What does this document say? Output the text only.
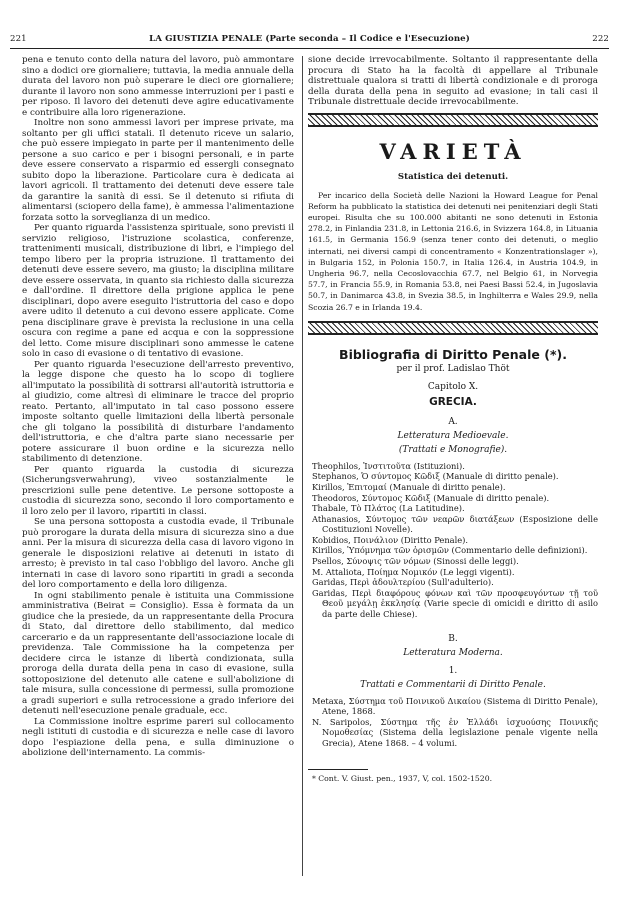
221	LA GIUSTIZIA PENALE (Parte seconda – Il Codice e l'Esecuzione)	222

pena e tenuto conto della natura del lavoro, può ammontare sino a dodici ore giornaliere; tuttavia, la media annuale della durata del lavoro non può superare le dieci ore giornaliere; durante il lavoro non sono ammesse interruzioni per i pasti e per riposo. Il lavoro dei detenuti deve agire educativamente e contribuire alla loro rigenerazione.

Inoltre non sono ammessi lavori per imprese private, ma soltanto per gli uffici statali. Il detenuto riceve un salario, che può essere impiegato in parte per il mantenimento delle persone a suo carico e per i bisogni personali, e in parte deve essere conservato a risparmio ed essergli consegnato subito dopo la liberazione. Particolare cura è dedicata ai lavori agricoli. Il trattamento dei detenuti deve essere tale da garantire la sanità di essi. Se il detenuto si rifiuta di alimentarsi (sciopero della fame), è ammessa l'alimentazione forzata sotto la sorveglianza di un medico.

Per quanto riguarda l'assistenza spirituale, sono previsti il servizio religioso, l'istruzione scolastica, conferenze, trattenimenti musicali, distribuzione di libri, e l'impiego del tempo libero per la propria istruzione. Il trattamento dei detenuti deve essere severo, ma giusto; la disciplina militare deve essere osservata, in quanto sia richiesto dalla sicurezza e dall'ordine. Il direttore della prigione applica le pene disciplinari, dopo avere eseguito l'istruttoria del caso e dopo avere udito il detenuto a cui devono essere applicate. Come pena disciplinare grave è prevista la reclusione in una cella oscura con regime a pane ed acqua e con la soppressione del letto. Come misure disciplinari sono ammesse le catene solo in caso di evasione o di tentativo di evasione.

Per quanto riguarda l'esecuzione dell'arresto preventivo, la legge dispone che questo ha lo scopo di togliere all'imputato la possibilità di sottrarsi all'autorità istruttoria e al giudizio, come altresì di eliminare le tracce del proprio reato. Pertanto, all'imputato in tal caso possono essere imposte soltanto quelle limitazioni della libertà personale che gli tolgano la possibilità di disturbare l'andamento dell'istruttoria, e che d'altra parte siano necessarie per potere assicurare il buon ordine e la sicurezza nello stabilimento di detenzione.

Per quanto riguarda la custodia di sicurezza (Sicherungsverwahrung), viveo sostanzialmente le prescrizioni sulle pene detentive. Le persone sottoposte a custodia di sicurezza sono, secondo il loro comportamento e il loro zelo per il lavoro, ripartiti in classi.

Se una persona sottoposta a custodia evade, il Tribunale può prorogare la durata della misura di sicurezza sino a due anni. Per la misura di sicurezza della casa di lavoro vigono in generale le disposizioni relative ai detenuti in istato di arresto; è previsto in tal caso l'obbligo del lavoro. Anche gli internati in case di lavoro sono ripartiti in gradi a seconda del loro comportamento e della loro diligenza.

In ogni stabilimento penale è istituita una Commissione amministrativa (Beirat = Consiglio). Essa è formata da un giudice che la presiede, da un rappresentante della Procura di Stato, dal direttore dello stabilimento, dal medico carcerario e da un rappresentante dell'associazione locale di previdenza. Tale Commissione ha la competenza per decidere circa le istanze di libertà condizionata, sulla proroga della durata della pena in caso di evasione, sulla sottoposizione del detenuto alle catene e sull'abolizione di tale misura, sulla concessione di permessi, sulla promozione a gradi superiori e sulla retrocessione a grado inferiore dei detenuti nell'esecuzione penale graduale, ecc.

La Commissione inoltre esprime pareri sul collocamento negli istituti di custodia e di sicurezza e nelle case di lavoro dopo l'espiazione della pena, e sulla diminuzione o abolizione dell'internamento. La commis-

sione decide irrevocabilmente. Soltanto il rappresentante della procura di Stato ha la facoltà di appellare al Tribunale distrettuale qualora si tratti di libertà condizionale e di proroga della durata della pena in seguito ad evasione; in tali casi il Tribunale distrettuale decide irrevocabilmente.

VARIETÀ
Statistica dei detenuti.

Per incarico della Società delle Nazioni la Howard League for Penal Reform ha pubblicato la statistica dei detenuti nei penitenziari degli Stati europei. Risulta che su 100.000 abitanti ne sono detenuti in Estonia 278.2, in Finlandia 231.8, in Lettonia 216.6, in Svizzera 164.8, in Lituania 161.5, in Germania 156.9 (senza tener conto dei detenuti, o meglio internati, nei diversi campi di concentramento « Konzentrationslager »), in Bulgaria 152, in Polonia 150.7, in Italia 126.4, in Austria 104.9, in Ungheria 96.7, nella Cecoslovacchia 67.7, nel Belgio 61, in Norvegia 57.7, in Francia 55.9, in Romania 53.8, nei Paesi Bassi 52.4, in Jugoslavia 50.7, in Danimarca 43.8, in Svezia 38.5, in Inghilterra e Wales 29.9, nella Scozia 26.7 e in Irlanda 19.4.

Bibliografia di Diritto Penale (*).
per il prof. Ladislao Thöt
Capitolo X.
GRECIA.
A.
Letteratura Medioevale.
(Trattati e Monografie).

Theophilos, Ἰνστιτοῦτα (Istituzioni).

Stephanos, Ὁ σύντομος Κῶδιξ (Manuale di diritto penale).

Kirillos, Ἐπιτομαί (Manuale di diritto penale).

Theodoros, Σύντομος Κῶδιξ (Manuale di diritto penale).

Thabale, Τὸ Πλάτος (La Latitudine).

Athanasios, Σύντομος τῶν νεαρῶν διατάξεων (Esposizione delle Costituzioni Novelle).

Kobidios, Ποινάλιον (Diritto Penale).

Kirillos, Ὑπόμνημα τῶν ὁρισμῶν (Commentario delle definizioni).

Psellos, Σύνοψις τῶν νόμων (Sinossi delle leggi).

M. Attaliota, Ποίημα Νομικόν (Le leggi vigenti).

Garidas, Περὶ ἀδουλτερίου (Sull'adulterio).

Garidas, Περὶ διαφόρους φόνων καὶ τῶν προσφευγόντων τῇ τοῦ Θεοῦ μεγάλῃ ἐκκλησίᾳ (Varie specie di omicidi e diritto di asilo da parte delle Chiese).

B.
Letteratura Moderna.
1.
Trattati e Commentarii di Diritto Penale.

Metaxa, Σύστημα τοῦ Ποινικοῦ Δικαίου (Sistema di Diritto Penale), Atene, 1868.

N. Saripolos, Σύστημα τῆς ἐν Ἑλλάδι ἰσχυούσης Ποινικῆς Νομοθεσίας (Sistema della legislazione penale vigente nella Grecia), Atene 1868. – 4 volumi.

* Cont. V. Giust. pen., 1937, V, col. 1502-1520.
